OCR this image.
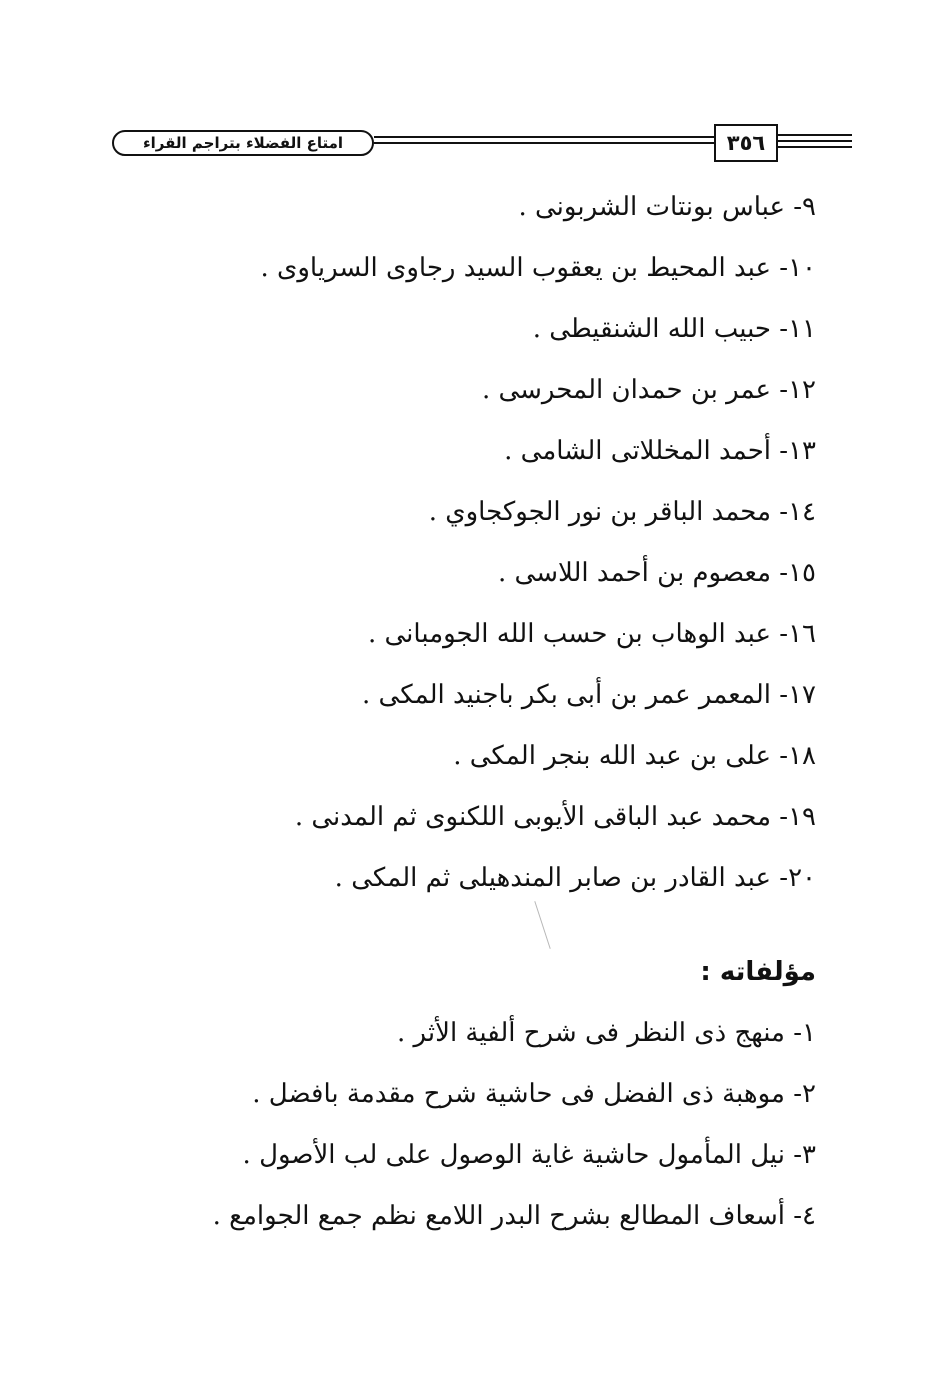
امتاع الفضلاء بتراجم القراء	٣٥٦
٩- عباس بونتات الشربونى .
١٠- عبد المحيط بن يعقوب السيد رجاوى السرياوى .
١١- حبيب الله الشنقيطى .
١٢- عمر بن حمدان المحرسى .
١٣- أحمد المخللاتى الشامى .
١٤- محمد الباقر بن نور الجوكجاوي .
١٥- معصوم بن أحمد اللاسى .
١٦- عبد الوهاب بن حسب الله الجومبانى .
١٧- المعمر عمر بن أبى بكر باجنيد المكى .
١٨- على بن عبد الله بنجر المكى .
١٩- محمد عبد الباقى الأيوبى اللكنوى ثم المدنى .
٢٠- عبد القادر بن صابر المندهيلى ثم المكى .
مؤلفاته :
١- منهج ذى النظر فى شرح ألفية الأثر .
٢- موهبة ذى الفضل فى حاشية شرح مقدمة بافضل .
٣- نيل المأمول حاشية غاية الوصول على لب الأصول .
٤- أسعاف المطالع بشرح البدر اللامع نظم جمع الجوامع .
